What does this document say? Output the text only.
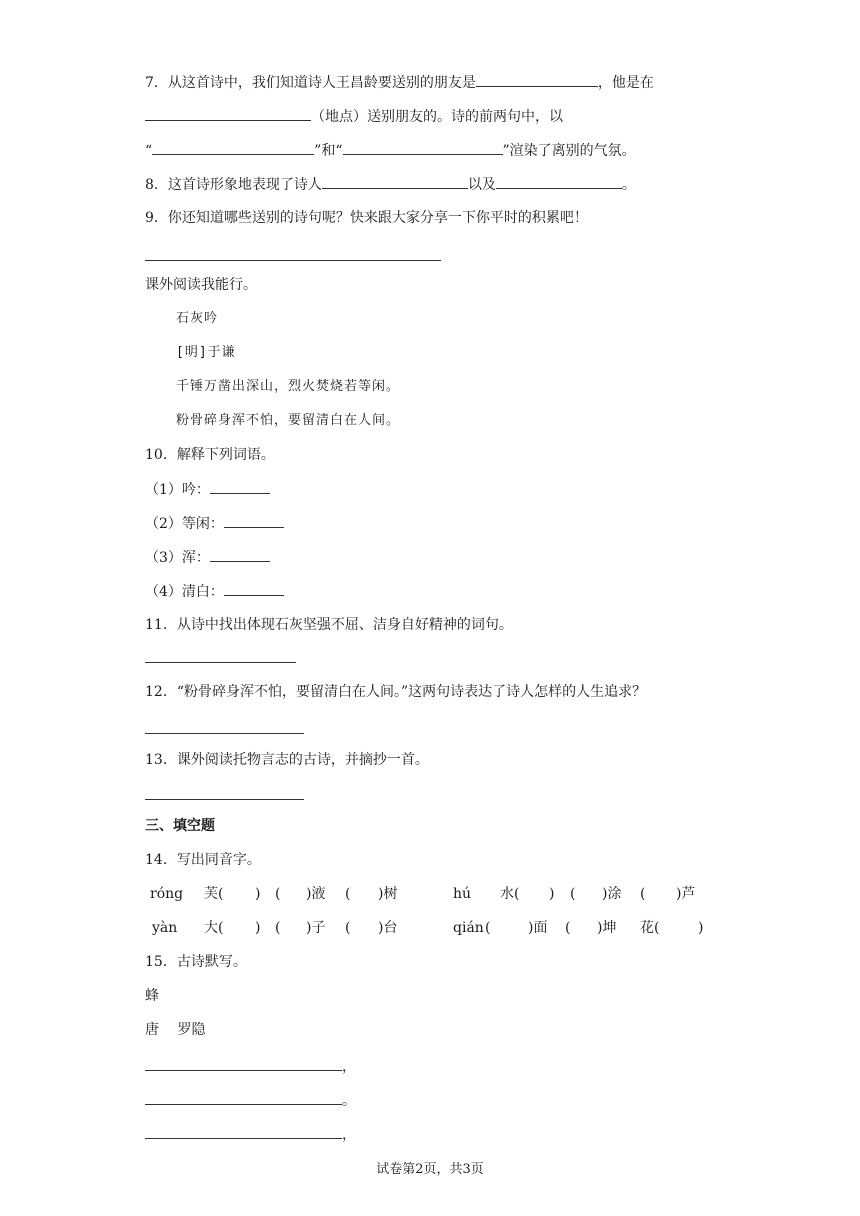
7．从这首诗中，我们知道诗人王昌龄要送别的朋友是	，他是在
（地点）送别朋友的。诗的前两句中，以
“	”和“	”渲染了离别的气氛。
8．这首诗形象地表现了诗人	以及	。
9．你还知道哪些送别的诗句呢？快来跟大家分享一下你平时的积累吧！
课外阅读我能行。
石灰吟
[明]于谦
千锤万凿出深山，烈火焚烧若等闲。
粉骨碎身浑不怕，要留清白在人间。
10．解释下列词语。
（1）吟：
（2）等闲：
（3）浑：
（4）清白：
11．从诗中找出体现石灰坚强不屈、洁身自好精神的词句。
12．“粉骨碎身浑不怕，要留清白在人间。”这两句诗表达了诗人怎样的人生追求？
13．课外阅读托物言志的古诗，并摘抄一首。
三、填空题
14．写出同音字。
róng 芙( ) ( )液 ( )树	hú 水( ) ( )涂 ( )芦
yàn 大( ) ( )子 ( )台	qián (	)面 ( )坤 花(	)
15．古诗默写。
蜂
唐　 罗隐
，
。
，
试卷第2页，共3页
